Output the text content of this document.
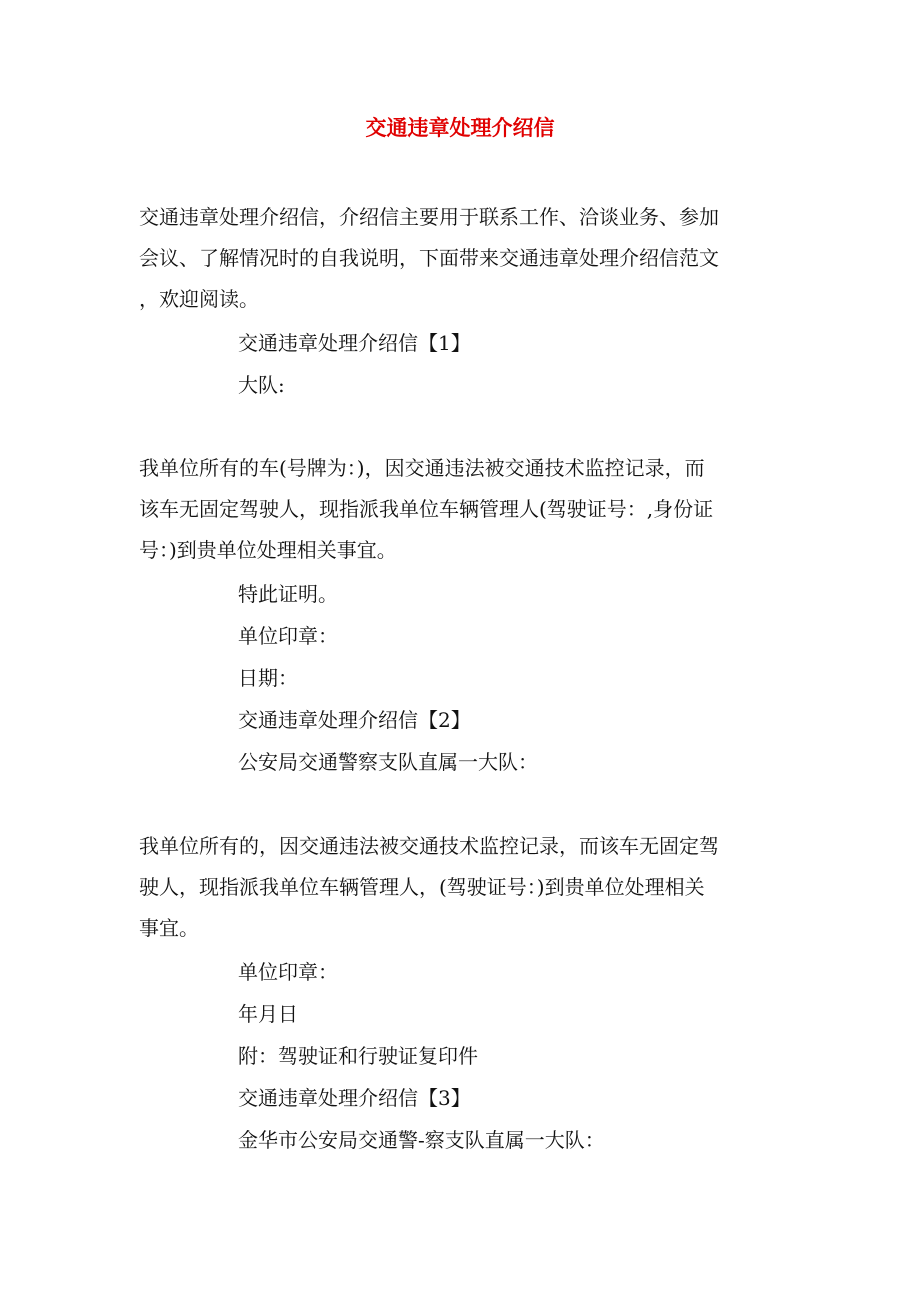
交通违章处理介绍信
交通违章处理介绍信，介绍信主要用于联系工作、洽谈业务、参加
会议、了解情况时的自我说明，下面带来交通违章处理介绍信范文
，欢迎阅读。
交通违章处理介绍信【1】
大队:
我单位所有的车(号牌为：)，因交通违法被交通技术监控记录，而
该车无固定驾驶人，现指派我单位车辆管理人(驾驶证号：,身份证
号：)到贵单位处理相关事宜。
特此证明。
单位印章：
日期：
交通违章处理介绍信【2】
公安局交通警察支队直属一大队：
我单位所有的，因交通违法被交通技术监控记录，而该车无固定驾
驶人，现指派我单位车辆管理人，(驾驶证号：)到贵单位处理相关
事宜。
单位印章：
年月日
附：驾驶证和行驶证复印件
交通违章处理介绍信【3】
金华市公安局交通警-察支队直属一大队：
